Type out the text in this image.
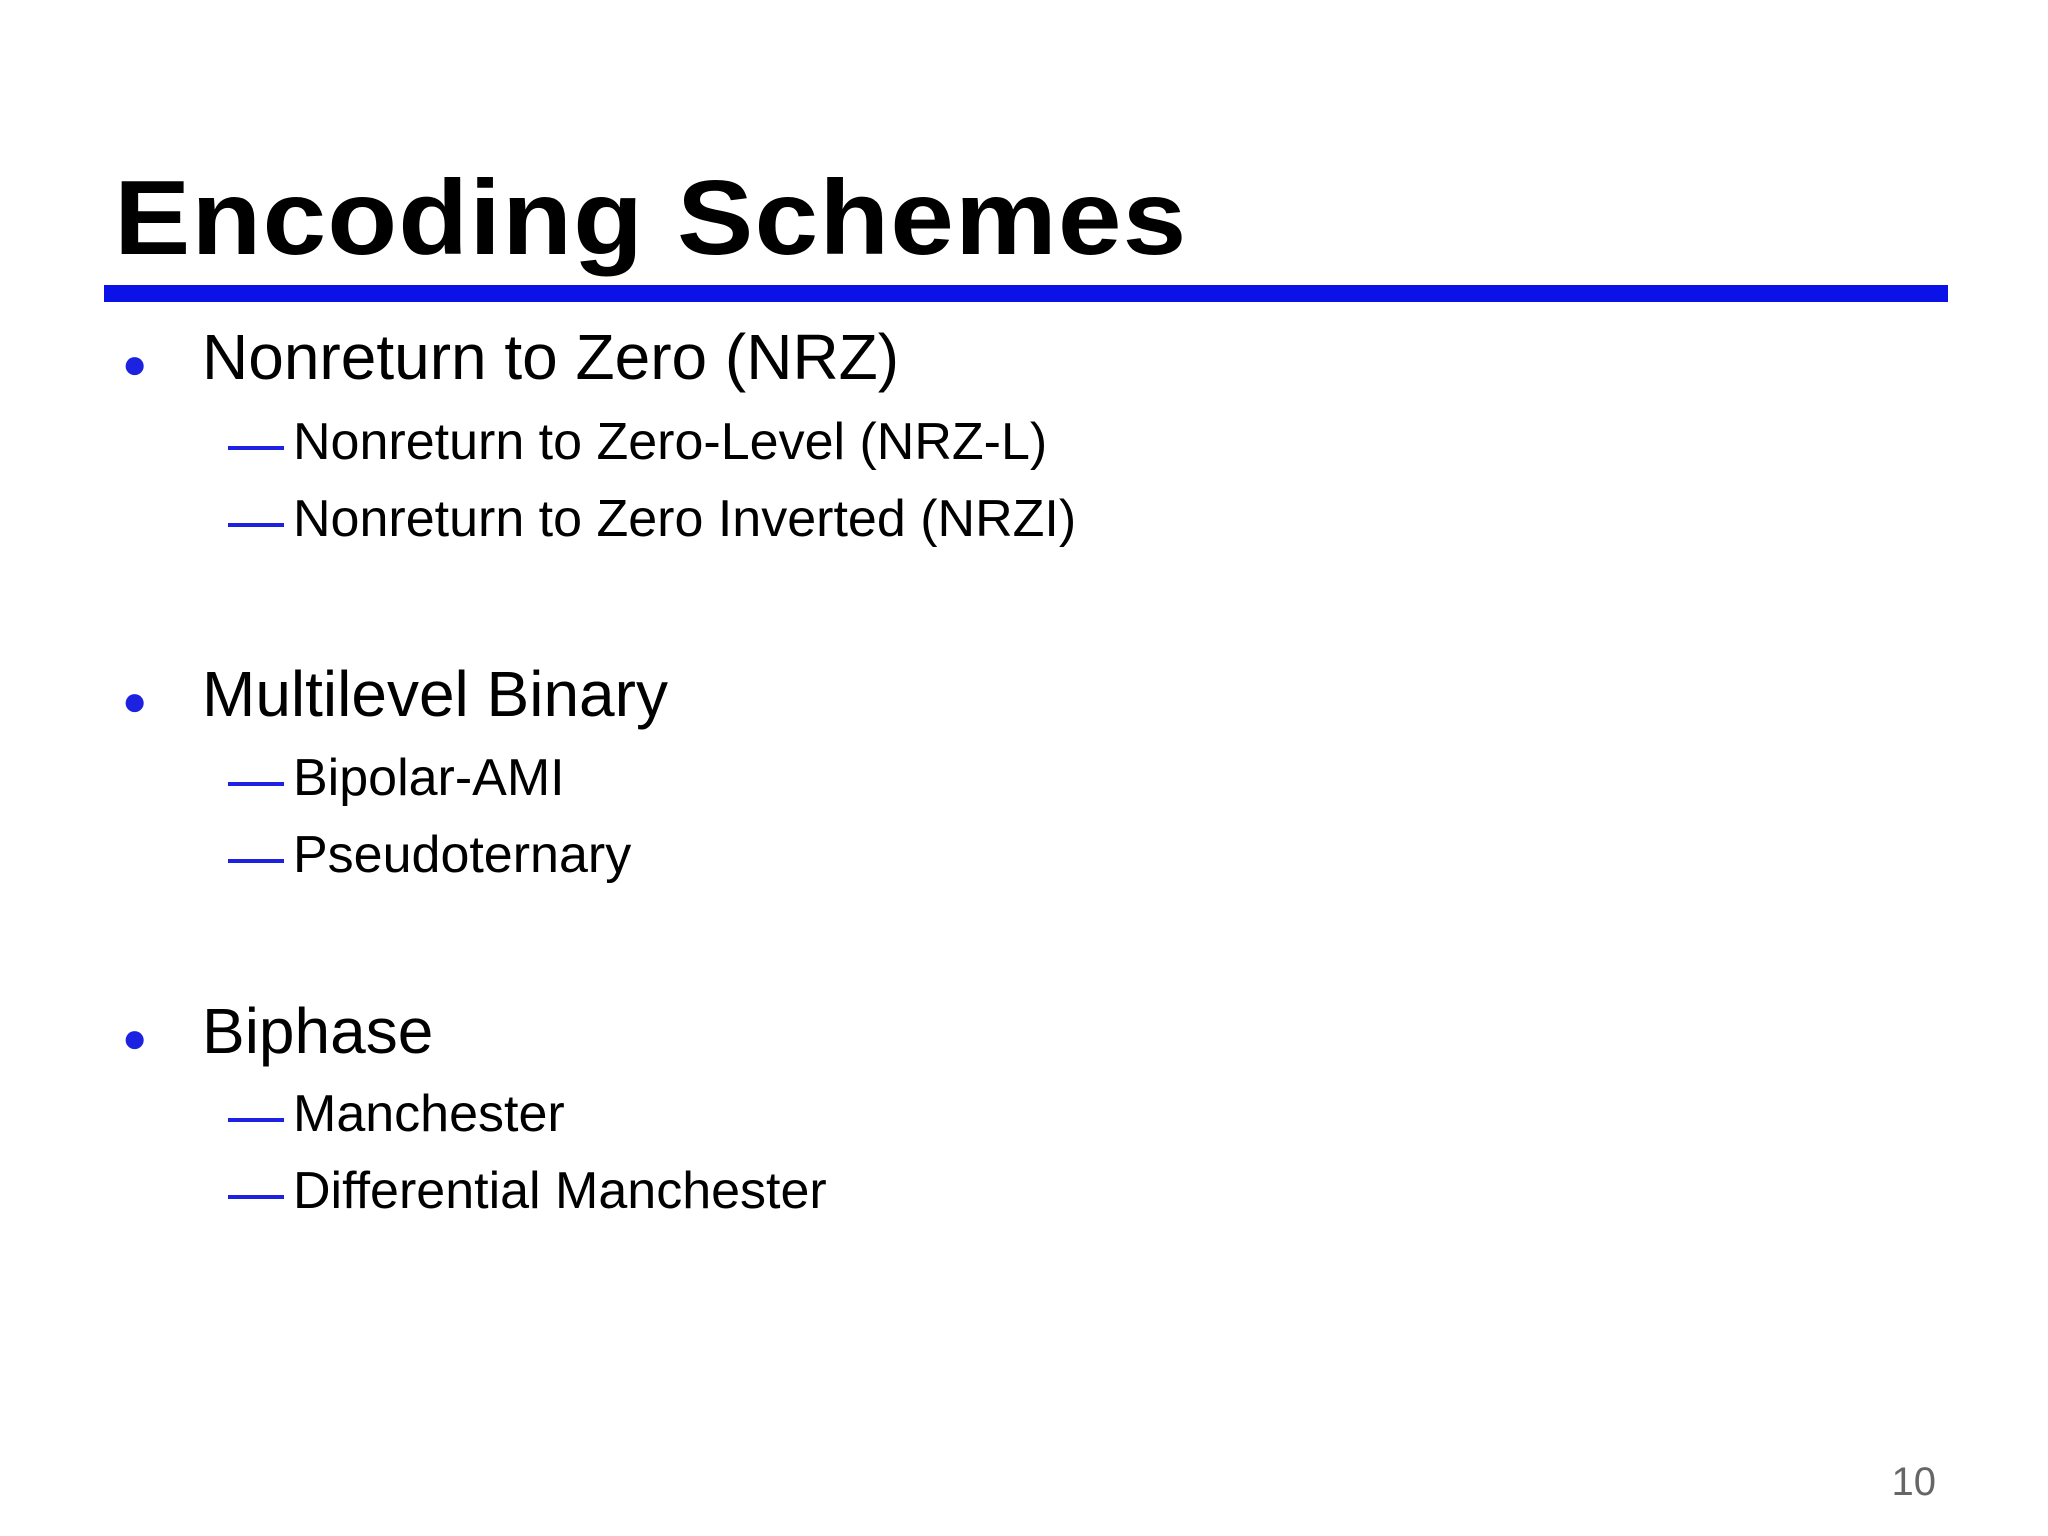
Encoding Schemes
● Nonreturn to Zero (NRZ)
Nonreturn to Zero-Level (NRZ-L)
Nonreturn to Zero Inverted (NRZI)
● Multilevel Binary
Bipolar-AMI
Pseudoternary
● Biphase
Manchester
Differential Manchester
10
